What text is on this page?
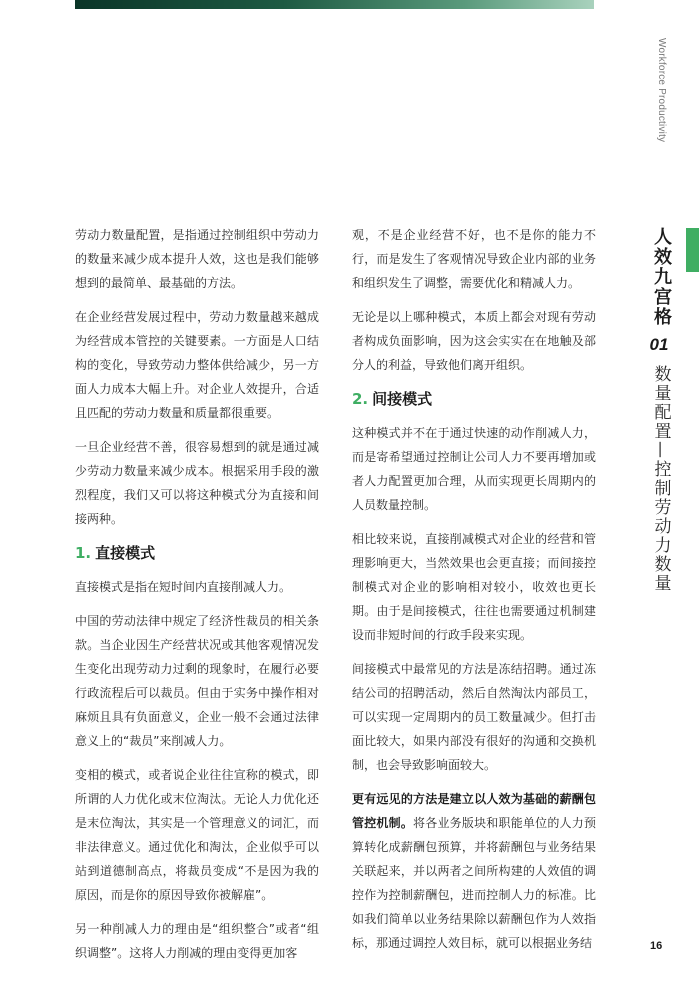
Workforce Productivity
人效九宫格
01
数量配置—控制劳动力数量

劳动力数量配置，是指通过控制组织中劳动力的数量来减少成本提升人效，这也是我们能够想到的最简单、最基础的方法。

在企业经营发展过程中，劳动力数量越来越成为经营成本管控的关键要素。一方面是人口结构的变化，导致劳动力整体供给减少，另一方面人力成本大幅上升。对企业人效提升，合适且匹配的劳动力数量和质量都很重要。

一旦企业经营不善，很容易想到的就是通过减少劳动力数量来减少成本。根据采用手段的激烈程度，我们又可以将这种模式分为直接和间接两种。

1. 直接模式

直接模式是指在短时间内直接削减人力。

中国的劳动法律中规定了经济性裁员的相关条款。当企业因生产经营状况或其他客观情况发生变化出现劳动力过剩的现象时，在履行必要行政流程后可以裁员。但由于实务中操作相对麻烦且具有负面意义，企业一般不会通过法律意义上的“裁员”来削减人力。

变相的模式，或者说企业往往宣称的模式，即所谓的人力优化或末位淘汰。无论人力优化还是末位淘汰，其实是一个管理意义的词汇，而非法律意义。通过优化和淘汰，企业似乎可以站到道德制高点，将裁员变成“不是因为我的原因，而是你的原因导致你被解雇”。

另一种削减人力的理由是“组织整合”或者“组织调整”。这将人力削减的理由变得更加客

观，不是企业经营不好，也不是你的能力不行，而是发生了客观情况导致企业内部的业务和组织发生了调整，需要优化和精减人力。

无论是以上哪种模式，本质上都会对现有劳动者构成负面影响，因为这会实实在在地触及部分人的利益，导致他们离开组织。

2. 间接模式

这种模式并不在于通过快速的动作削减人力，而是寄希望通过控制让公司人力不要再增加或者人力配置更加合理，从而实现更长周期内的人员数量控制。

相比较来说，直接削减模式对企业的经营和管理影响更大，当然效果也会更直接；而间接控制模式对企业的影响相对较小，收效也更长期。由于是间接模式，往往也需要通过机制建设而非短时间的行政手段来实现。

间接模式中最常见的方法是冻结招聘。通过冻结公司的招聘活动，然后自然淘汰内部员工，可以实现一定周期内的员工数量减少。但打击面比较大，如果内部没有很好的沟通和交换机制，也会导致影响面较大。

更有远见的方法是建立以人效为基础的薪酬包管控机制。将各业务版块和职能单位的人力预算转化成薪酬包预算，并将薪酬包与业务结果关联起来，并以两者之间所构建的人效值的调控作为控制薪酬包，进而控制人力的标准。比如我们简单以业务结果除以薪酬包作为人效指标，那通过调控人效目标，就可以根据业务结	16
